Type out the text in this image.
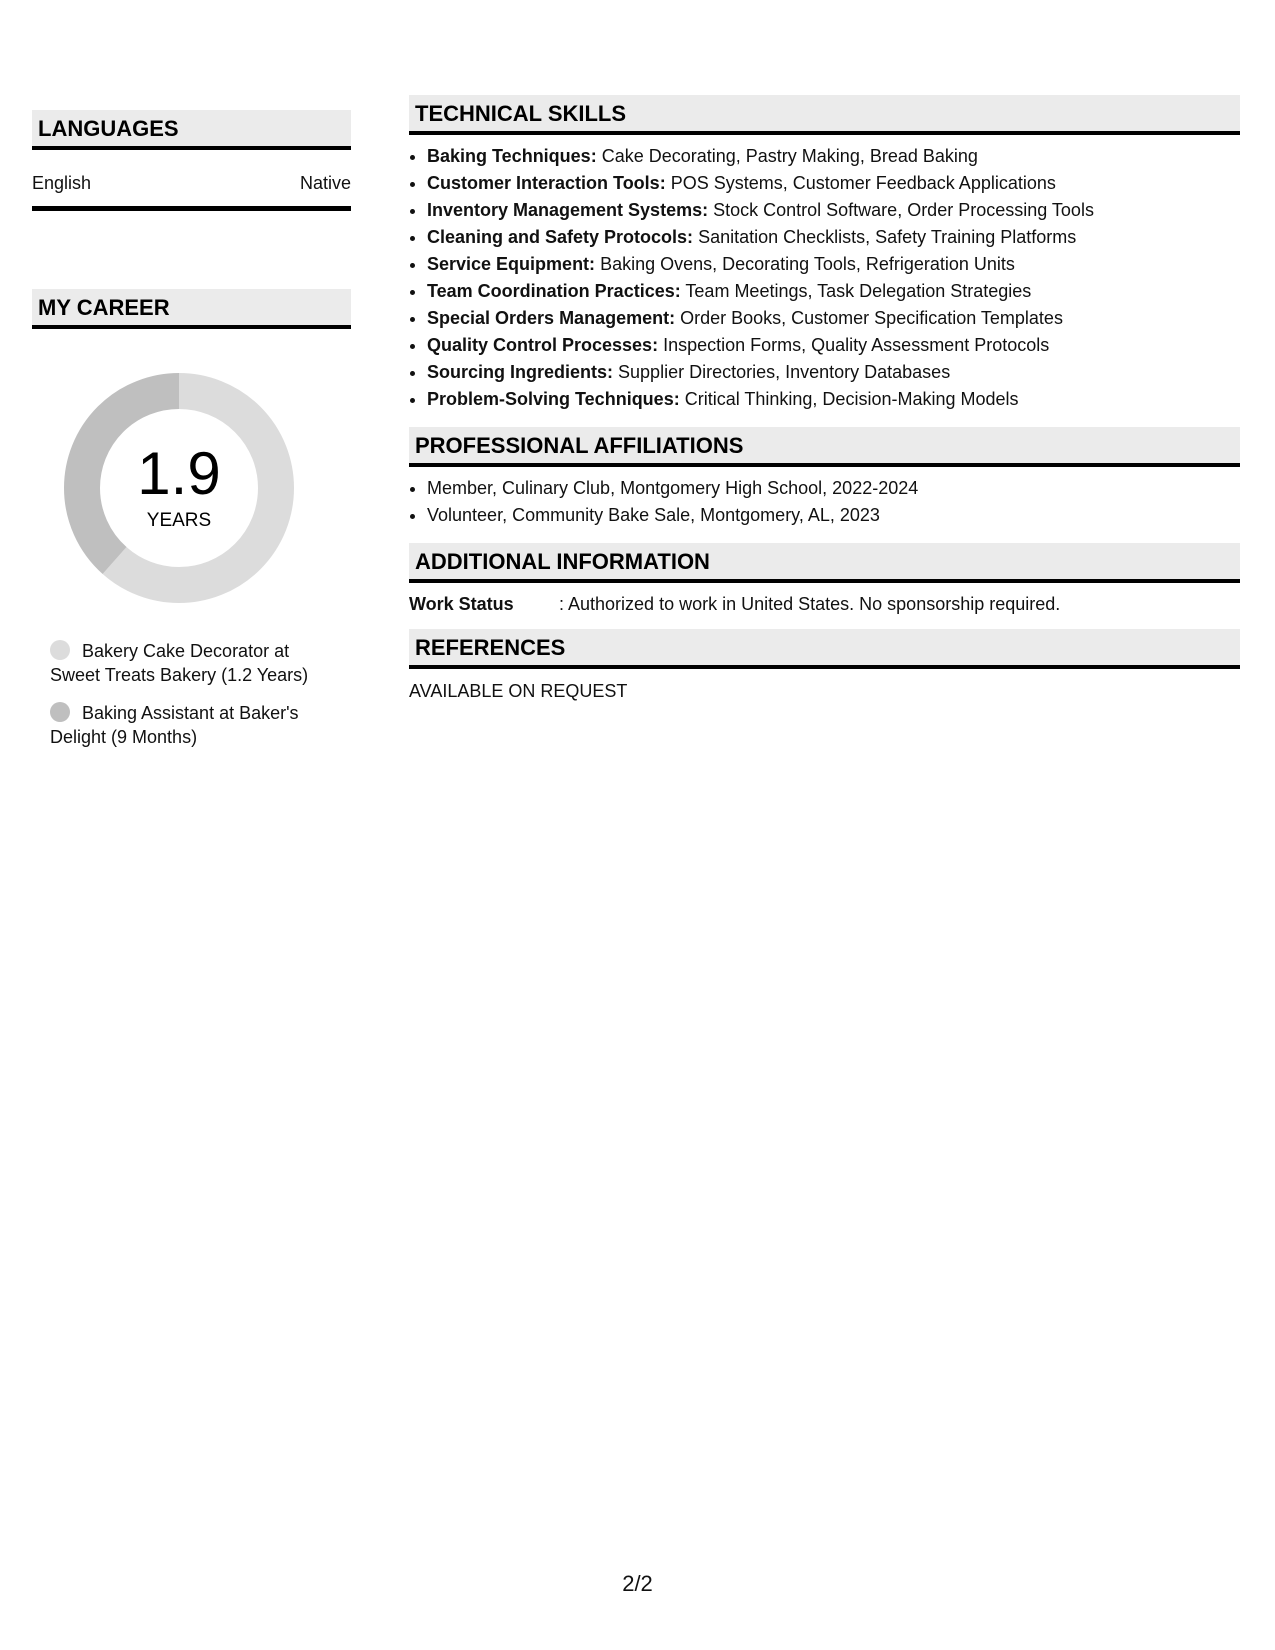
LANGUAGES
English	Native
MY CAREER
1.9
YEARS
Bakery Cake Decorator at Sweet Treats Bakery (1.2 Years)
Baking Assistant at Baker's Delight (9 Months)
TECHNICAL SKILLS
• Baking Techniques: Cake Decorating, Pastry Making, Bread Baking
• Customer Interaction Tools: POS Systems, Customer Feedback Applications
• Inventory Management Systems: Stock Control Software, Order Processing Tools
• Cleaning and Safety Protocols: Sanitation Checklists, Safety Training Platforms
• Service Equipment: Baking Ovens, Decorating Tools, Refrigeration Units
• Team Coordination Practices: Team Meetings, Task Delegation Strategies
• Special Orders Management: Order Books, Customer Specification Templates
• Quality Control Processes: Inspection Forms, Quality Assessment Protocols
• Sourcing Ingredients: Supplier Directories, Inventory Databases
• Problem-Solving Techniques: Critical Thinking, Decision-Making Models
PROFESSIONAL AFFILIATIONS
• Member, Culinary Club, Montgomery High School, 2022-2024
• Volunteer, Community Bake Sale, Montgomery, AL, 2023
ADDITIONAL INFORMATION
Work Status	: Authorized to work in United States. No sponsorship required.
REFERENCES
AVAILABLE ON REQUEST
2/2
